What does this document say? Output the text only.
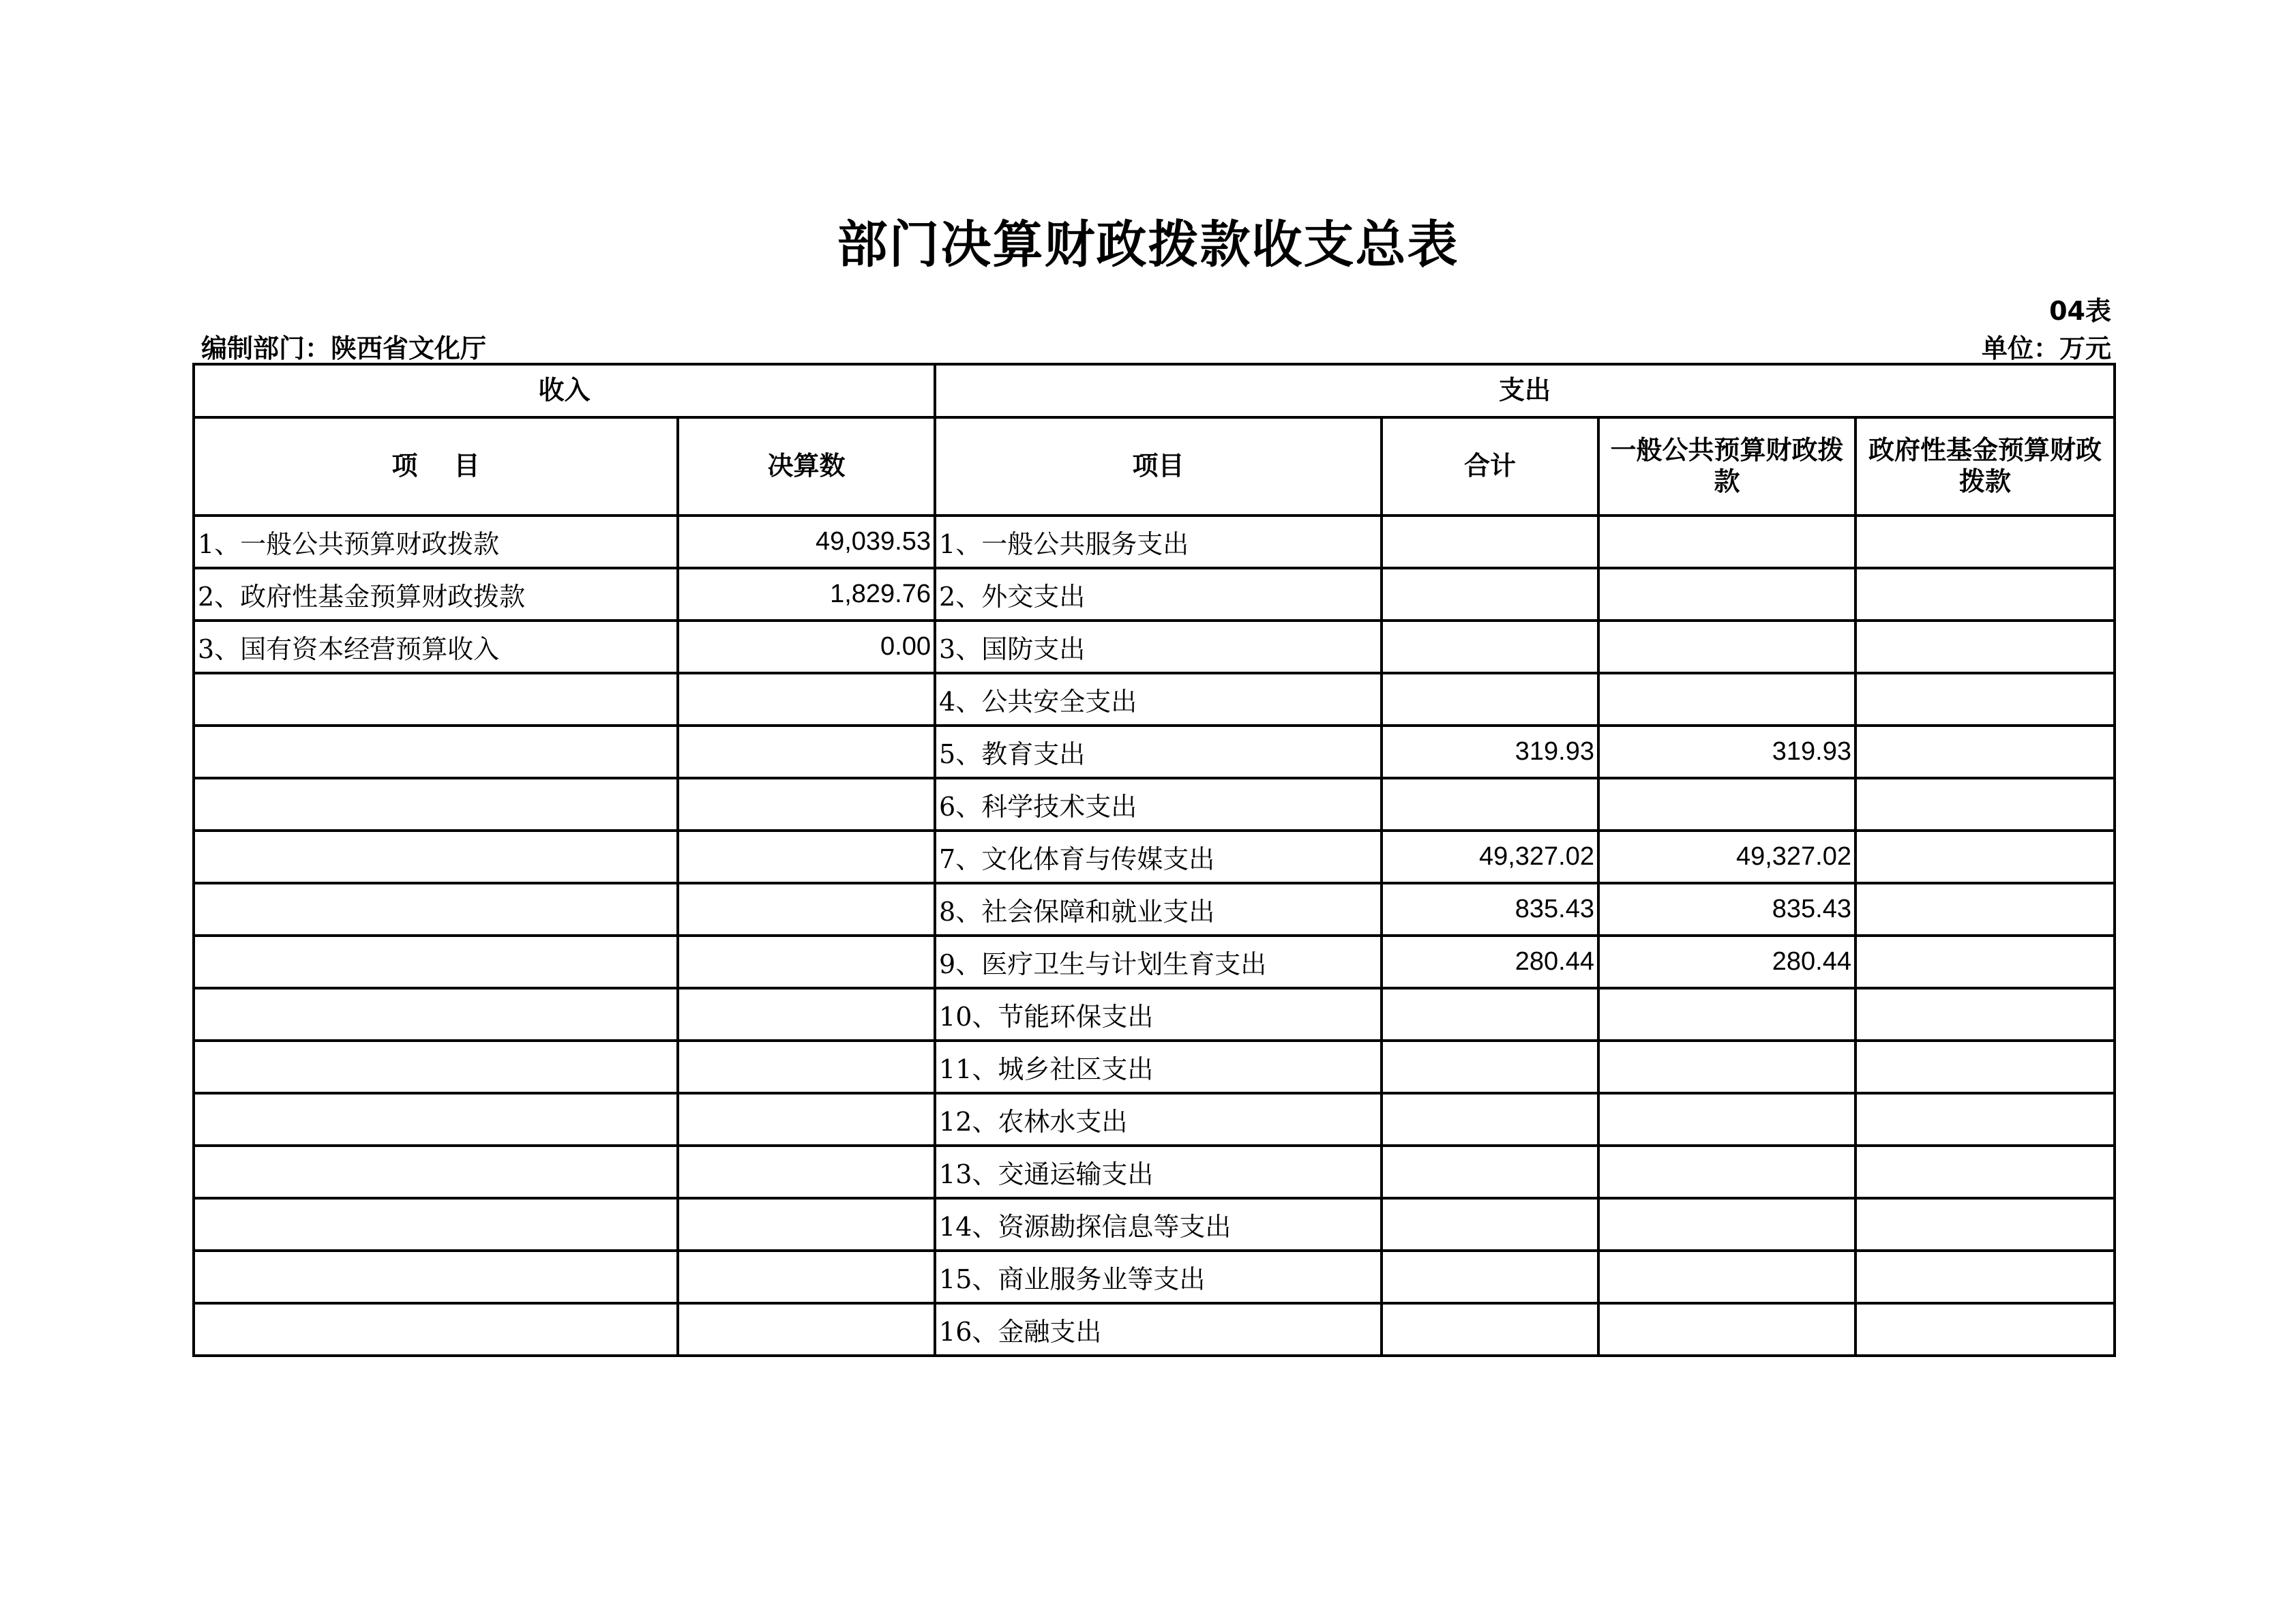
部门决算财政拨款收支总表
04表
编制部门：陕西省文化厅	单位：万元
收入		支出			
项    目	决算数	项目	合计	一般公共预算财政拨款	政府性基金预算财政拨款
1、一般公共预算财政拨款	49,039.53	1、一般公共服务支出			
2、政府性基金预算财政拨款	1,829.76	2、外交支出			
3、国有资本经营预算收入	0.00	3、国防支出			
		4、公共安全支出			
		5、教育支出	319.93	319.93	
		6、科学技术支出			
		7、文化体育与传媒支出	49,327.02	49,327.02	
		8、社会保障和就业支出	835.43	835.43	
		9、医疗卫生与计划生育支出	280.44	280.44	
		10、节能环保支出			
		11、城乡社区支出			
		12、农林水支出			
		13、交通运输支出			
		14、资源勘探信息等支出			
		15、商业服务业等支出			
		16、金融支出			
